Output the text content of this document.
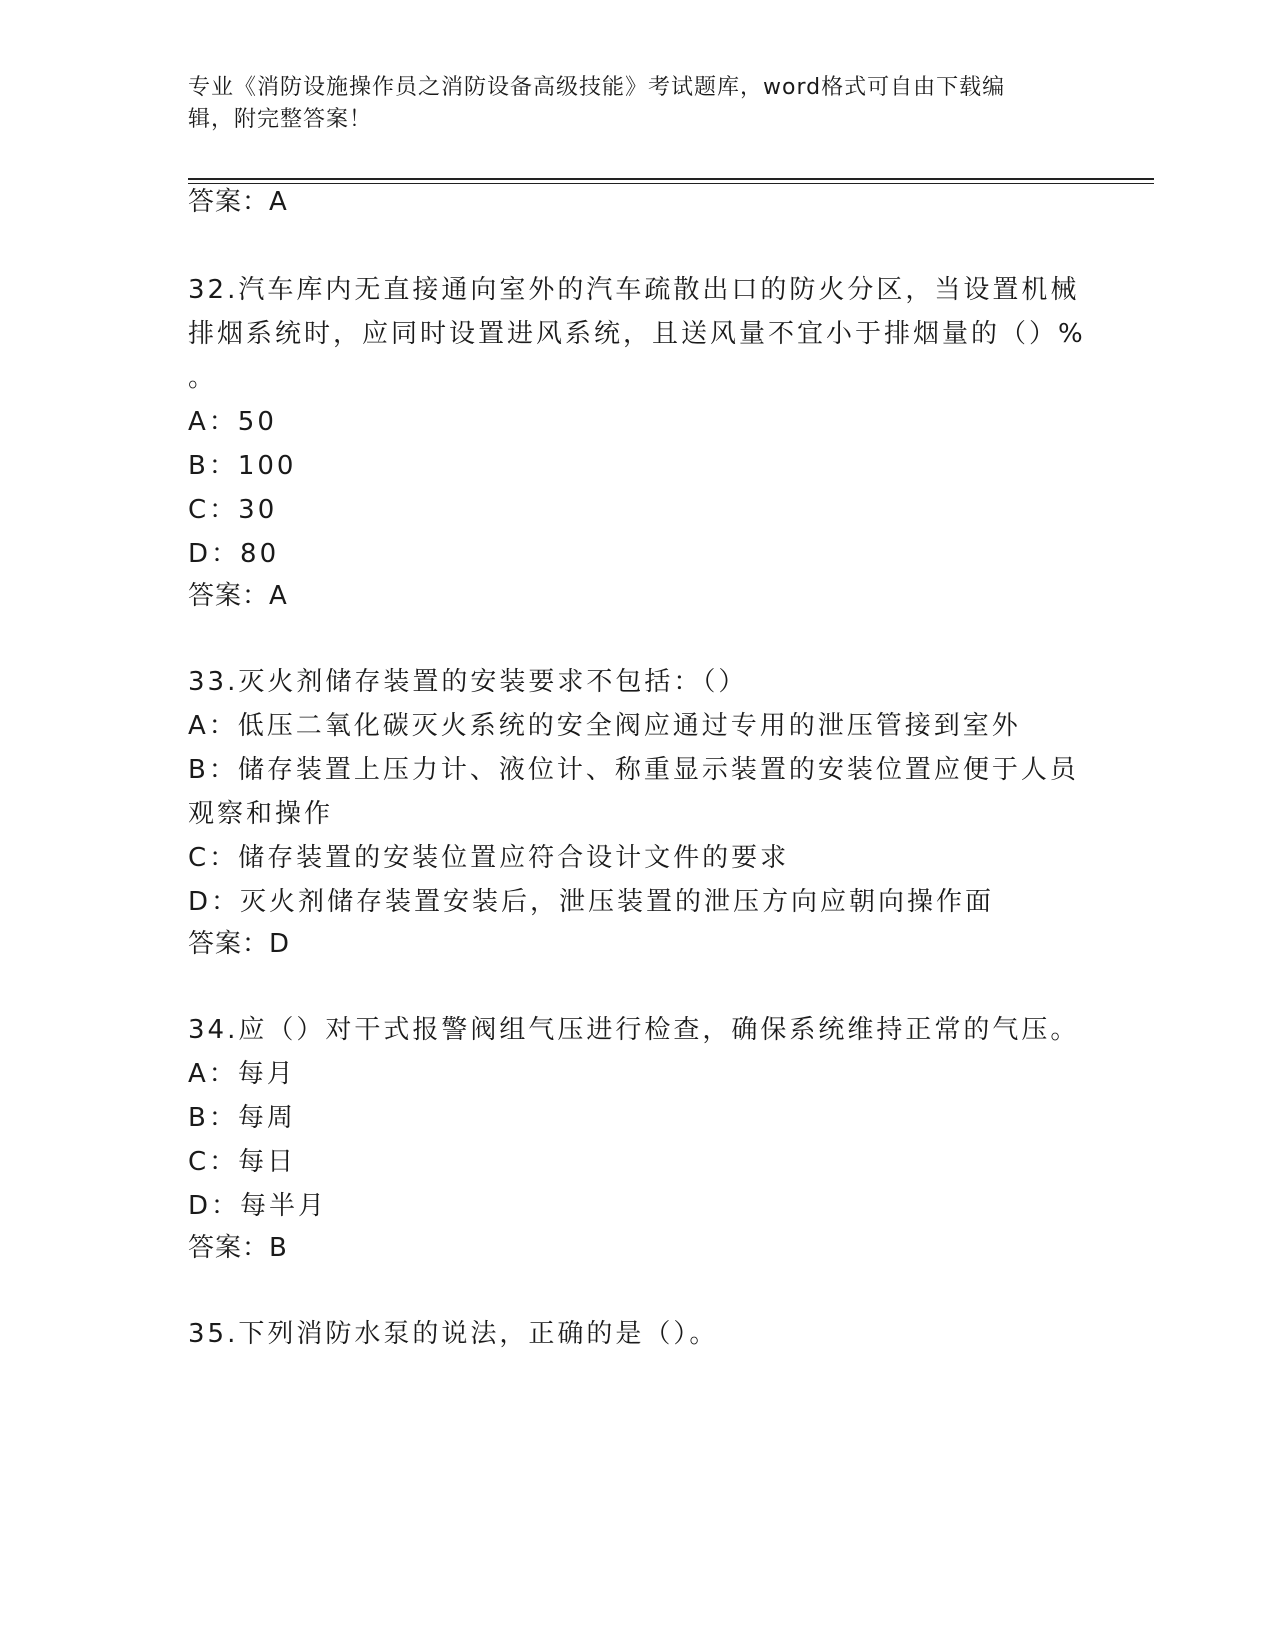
专业《消防设施操作员之消防设备高级技能》考试题库，word格式可自由下载编
辑，附完整答案！
答案：A
32.汽车库内无直接通向室外的汽车疏散出口的防火分区，当设置机械
排烟系统时，应同时设置进风系统，且送风量不宜小于排烟量的（）%
。
A：50
B：100
C：30
D：80
答案：A
33.灭火剂储存装置的安装要求不包括：（）
A：低压二氧化碳灭火系统的安全阀应通过专用的泄压管接到室外
B：储存装置上压力计、液位计、称重显示装置的安装位置应便于人员
观察和操作
C：储存装置的安装位置应符合设计文件的要求
D：灭火剂储存装置安装后，泄压装置的泄压方向应朝向操作面
答案：D
34.应（）对干式报警阀组气压进行检查，确保系统维持正常的气压。
A：每月
B：每周
C：每日
D：每半月
答案：B
35.下列消防水泵的说法，正确的是（）。
